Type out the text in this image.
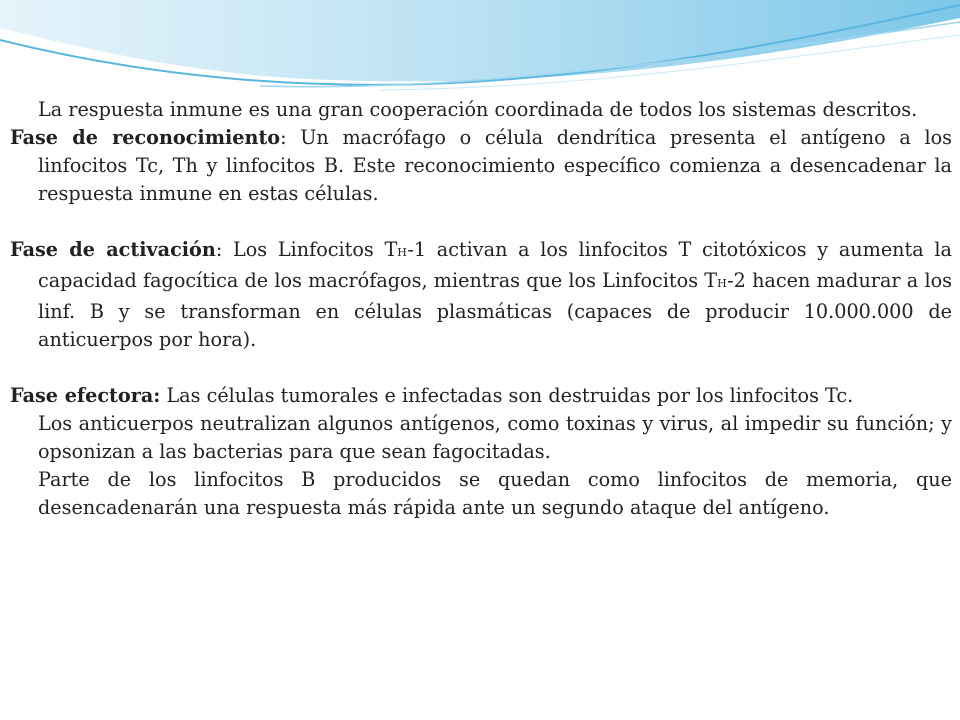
La respuesta inmune es una gran cooperación coordinada de todos los sistemas descritos.

Fase de reconocimiento: Un macrófago o célula dendrítica presenta el antígeno a los linfocitos Tc, Th y linfocitos B. Este reconocimiento específico comienza a desencadenar la respuesta inmune en estas células.

Fase de activación: Los Linfocitos TH-1 activan a los linfocitos T citotóxicos y aumenta la capacidad fagocítica de los macrófagos, mientras que los Linfocitos TH-2 hacen madurar a los linf. B y se transforman en células plasmáticas (capaces de producir 10.000.000 de anticuerpos por hora).

Fase efectora: Las células tumorales e infectadas son destruidas por los linfocitos Tc.

Los anticuerpos neutralizan algunos antígenos, como toxinas y virus, al impedir su función; y opsonizan a las bacterias para que sean fagocitadas.

Parte de los linfocitos B producidos se quedan como linfocitos de memoria, que desencadenarán una respuesta más rápida ante un segundo ataque del antígeno.
